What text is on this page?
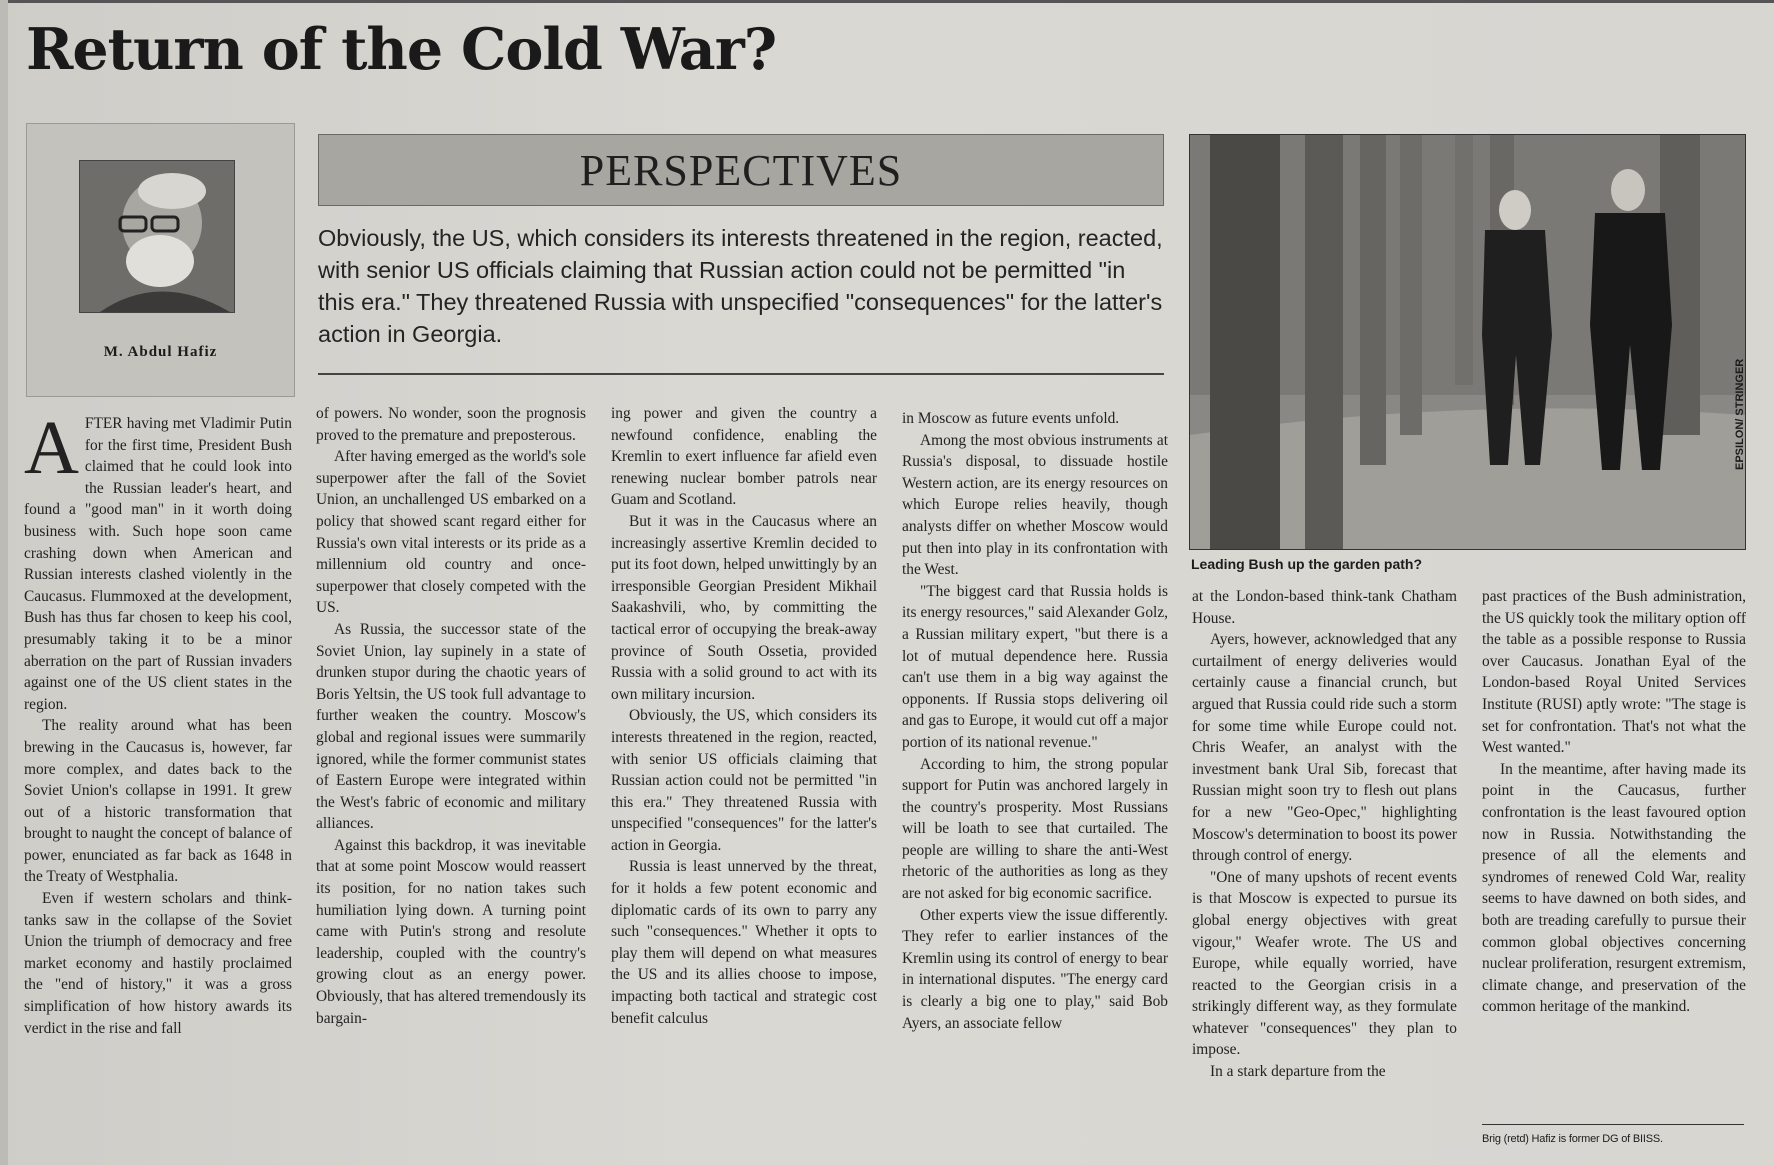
Return of the Cold War?
M. Abdul Hafiz
PERSPECTIVES
Obviously, the US, which considers its interests threatened in the region, reacted, with senior US officials claiming that Russian action could not be permitted "in this era." They threatened Russia with unspecified "consequences" for the latter's action in Georgia.
EPSILON/ STRINGER
Leading Bush up the garden path?

AFTER having met Vladimir Putin for the first time, President Bush claimed that he could look into the Russian leader's heart, and found a "good man" in it worth doing business with. Such hope soon came crashing down when American and Russian interests clashed violently in the Caucasus. Flummoxed at the development, Bush has thus far chosen to keep his cool, presumably taking it to be a minor aberration on the part of Russian invaders against one of the US client states in the region.

The reality around what has been brewing in the Caucasus is, however, far more complex, and dates back to the Soviet Union's collapse in 1991. It grew out of a historic transformation that brought to naught the concept of balance of power, enunciated as far back as 1648 in the Treaty of Westphalia.

Even if western scholars and think-tanks saw in the collapse of the Soviet Union the triumph of democracy and free market economy and hastily proclaimed the "end of history," it was a gross simplification of how history awards its verdict in the rise and fall

of powers. No wonder, soon the prognosis proved to the premature and preposterous.

After having emerged as the world's sole superpower after the fall of the Soviet Union, an unchallenged US embarked on a policy that showed scant regard either for Russia's own vital interests or its pride as a millennium old country and once-superpower that closely competed with the US.

As Russia, the successor state of the Soviet Union, lay supinely in a state of drunken stupor during the chaotic years of Boris Yeltsin, the US took full advantage to further weaken the country. Moscow's global and regional issues were summarily ignored, while the former communist states of Eastern Europe were integrated within the West's fabric of economic and military alliances.

Against this backdrop, it was inevitable that at some point Moscow would reassert its position, for no nation takes such humiliation lying down. A turning point came with Putin's strong and resolute leadership, coupled with the country's growing clout as an energy power. Obviously, that has altered tremendously its bargain-

ing power and given the country a newfound confidence, enabling the Kremlin to exert influence far afield even renewing nuclear bomber patrols near Guam and Scotland.

But it was in the Caucasus where an increasingly assertive Kremlin decided to put its foot down, helped unwittingly by an irresponsible Georgian President Mikhail Saakashvili, who, by committing the tactical error of occupying the break-away province of South Ossetia, provided Russia with a solid ground to act with its own military incursion.

Obviously, the US, which considers its interests threatened in the region, reacted, with senior US officials claiming that Russian action could not be permitted "in this era." They threatened Russia with unspecified "consequences" for the latter's action in Georgia.

Russia is least unnerved by the threat, for it holds a few potent economic and diplomatic cards of its own to parry any such "consequences." Whether it opts to play them will depend on what measures the US and its allies choose to impose, impacting both tactical and strategic cost benefit calculus

in Moscow as future events unfold.

Among the most obvious instruments at Russia's disposal, to dissuade hostile Western action, are its energy resources on which Europe relies heavily, though analysts differ on whether Moscow would put then into play in its confrontation with the West.

"The biggest card that Russia holds is its energy resources," said Alexander Golz, a Russian military expert, "but there is a lot of mutual dependence here. Russia can't use them in a big way against the opponents. If Russia stops delivering oil and gas to Europe, it would cut off a major portion of its national revenue."

According to him, the strong popular support for Putin was anchored largely in the country's prosperity. Most Russians will be loath to see that curtailed. The people are willing to share the anti-West rhetoric of the authorities as long as they are not asked for big economic sacrifice.

Other experts view the issue differently. They refer to earlier instances of the Kremlin using its control of energy to bear in international disputes. "The energy card is clearly a big one to play," said Bob Ayers, an associate fellow

at the London-based think-tank Chatham House.

Ayers, however, acknowledged that any curtailment of energy deliveries would certainly cause a financial crunch, but argued that Russia could ride such a storm for some time while Europe could not. Chris Weafer, an analyst with the investment bank Ural Sib, forecast that Russian might soon try to flesh out plans for a new "Geo-Opec," highlighting Moscow's determination to boost its power through control of energy.

"One of many upshots of recent events is that Moscow is expected to pursue its global energy objectives with great vigour," Weafer wrote. The US and Europe, while equally worried, have reacted to the Georgian crisis in a strikingly different way, as they formulate whatever "consequences" they plan to impose.

In a stark departure from the

past practices of the Bush administration, the US quickly took the military option off the table as a possible response to Russia over Caucasus. Jonathan Eyal of the London-based Royal United Services Institute (RUSI) aptly wrote: "The stage is set for confrontation. That's not what the West wanted."

In the meantime, after having made its point in the Caucasus, further confrontation is the least favoured option now in Russia. Notwithstanding the presence of all the elements and syndromes of renewed Cold War, reality seems to have dawned on both sides, and both are treading carefully to pursue their common global objectives concerning nuclear proliferation, resurgent extremism, climate change, and preservation of the common heritage of the mankind.

Brig (retd) Hafiz is former DG of BIISS.
